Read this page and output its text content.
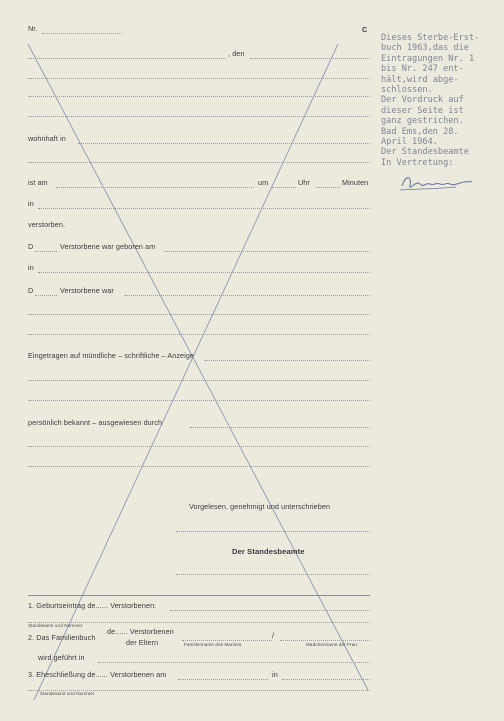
Nr.	C
, den
wohnhaft in
ist am	um	Uhr	Minuten
in
verstorben.
D	Verstorbene war geboren am
in
D	Verstorbene war
Eingetragen auf mündliche – schriftliche – Anzeige
persönlich bekannt – ausgewiesen durch
Vorgelesen, genehmigt und unterschrieben
Der Standesbeamte
1. Geburtseintrag de...... Verstorbenen:
Standesamt und Nummer
2. Das Familienbuch
de...... Verstorbenen
der Eltern
/
Familienname des Mannes	Mädchenname der Frau
wird geführt in
3. Eheschließung de...... Verstorbenen am	in
Standesamt und Nummer
Dieses Sterbe-Erst-
buch 1963,das die
Eintragungen Nr. 1
bis Nr. 247 ent-
hält,wird abge-
schlossen.
Der Vordruck auf
dieser Seite ist
ganz gestrichen.
Bad Ems,den 28.
April 1964.
Der Standesbeamte
In Vertretung:
